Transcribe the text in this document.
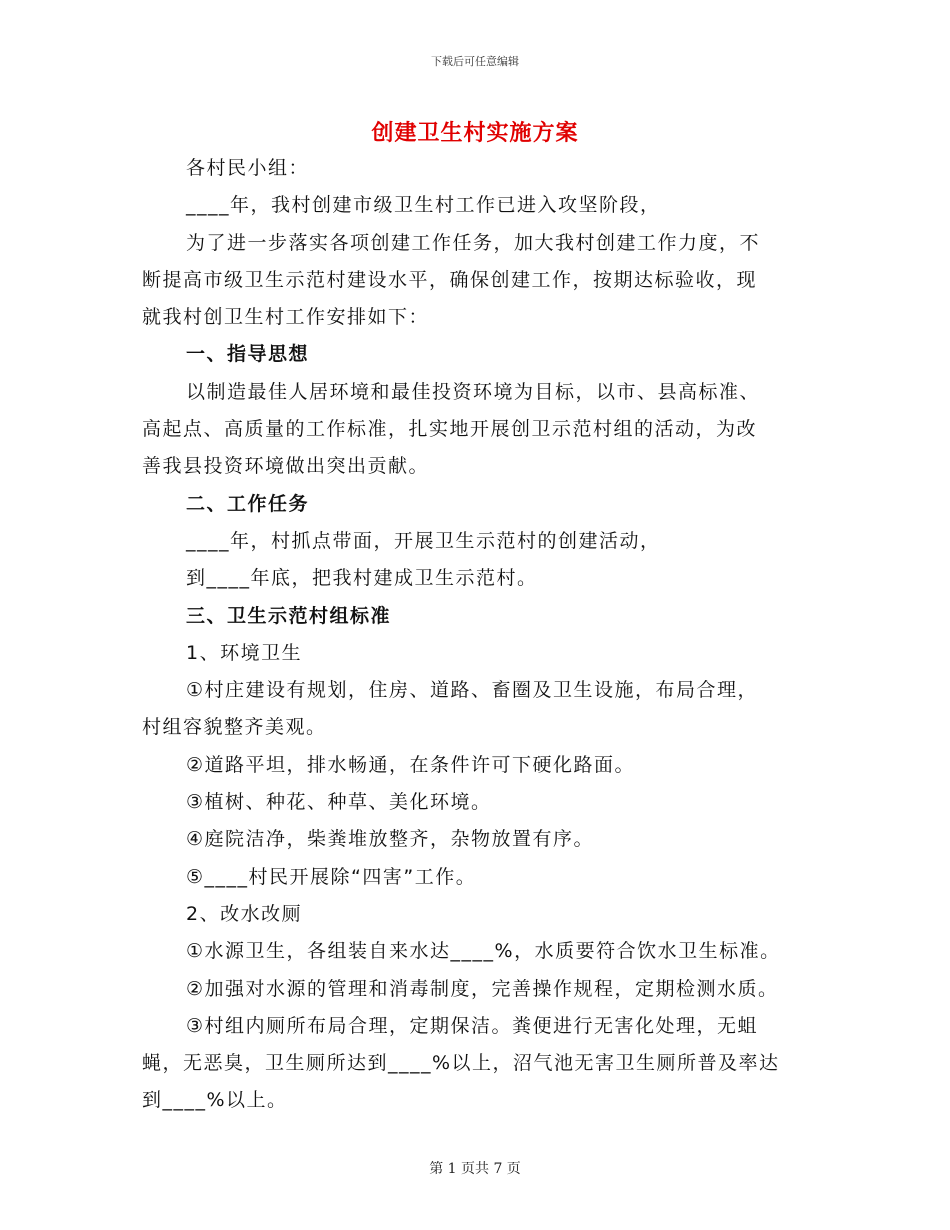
下载后可任意编辑
创建卫生村实施方案

各村民小组：

____年，我村创建市级卫生村工作已进入攻坚阶段，

为了进一步落实各项创建工作任务，加大我村创建工作力度，不

断提高市级卫生示范村建设水平，确保创建工作，按期达标验收，现

就我村创卫生村工作安排如下：

一、指导思想

以制造最佳人居环境和最佳投资环境为目标，以市、县高标准、

高起点、高质量的工作标准，扎实地开展创卫示范村组的活动，为改

善我县投资环境做出突出贡献。

二、工作任务

____年，村抓点带面，开展卫生示范村的创建活动，

到____年底，把我村建成卫生示范村。

三、卫生示范村组标准

1、环境卫生

①村庄建设有规划，住房、道路、畜圈及卫生设施，布局合理，

村组容貌整齐美观。

②道路平坦，排水畅通，在条件许可下硬化路面。

③植树、种花、种草、美化环境。

④庭院洁净，柴粪堆放整齐，杂物放置有序。

⑤____村民开展除“四害”工作。

2、改水改厕

①水源卫生，各组装自来水达____%，水质要符合饮水卫生标准。

②加强对水源的管理和消毒制度，完善操作规程，定期检测水质。

③村组内厕所布局合理，定期保洁。粪便进行无害化处理，无蛆

蝇，无恶臭，卫生厕所达到____%以上，沼气池无害卫生厕所普及率达

到____%以上。

第 1 页共 7 页
